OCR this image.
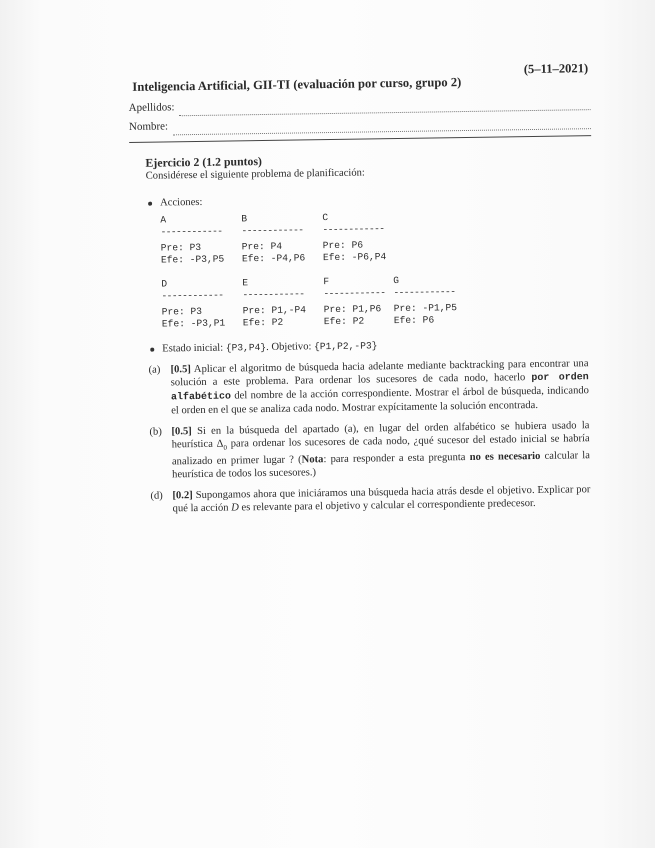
Inteligencia Artificial, GII-TI (evaluación por curso, grupo 2)
(5–11–2021)
Apellidos:
Nombre:
Ejercicio 2 (1.2 puntos)
Considérese el siguiente problema de planificación:
Acciones:
A
------------
Pre: P3
Efe: -P3,P5
B
------------
Pre: P4
Efe: -P4,P6
C
------------
Pre: P6
Efe: -P6,P4
D
------------
Pre: P3
Efe: -P3,P1
E
------------
Pre: P1,-P4
Efe: P2
F
------------
Pre: P1,P6
Efe: P2
G
------------
Pre: -P1,P5
Efe: P6
Estado inicial: {P3,P4}. Objetivo: {P1,P2,-P3}
(a) [0.5] Aplicar el algoritmo de búsqueda hacia adelante mediante backtracking para encontrar una solución a este problema. Para ordenar los sucesores de cada nodo, hacerlo por orden alfabético del nombre de la acción correspondiente. Mostrar el árbol de búsqueda, indicando el orden en el que se analiza cada nodo. Mostrar expícitamente la solución encontrada.
(b) [0.5] Si en la búsqueda del apartado (a), en lugar del orden alfabético se hubiera usado la heurística $\Delta_0$ para ordenar los sucesores de cada nodo, ¿qué sucesor del estado inicial se habría analizado en primer lugar ? (Nota: para responder a esta pregunta no es necesario calcular la heurística de todos los sucesores.)
(d) [0.2] Supongamos ahora que iniciáramos una búsqueda hacia atrás desde el objetivo. Explicar por qué la acción D es relevante para el objetivo y calcular el correspondiente predecesor.
